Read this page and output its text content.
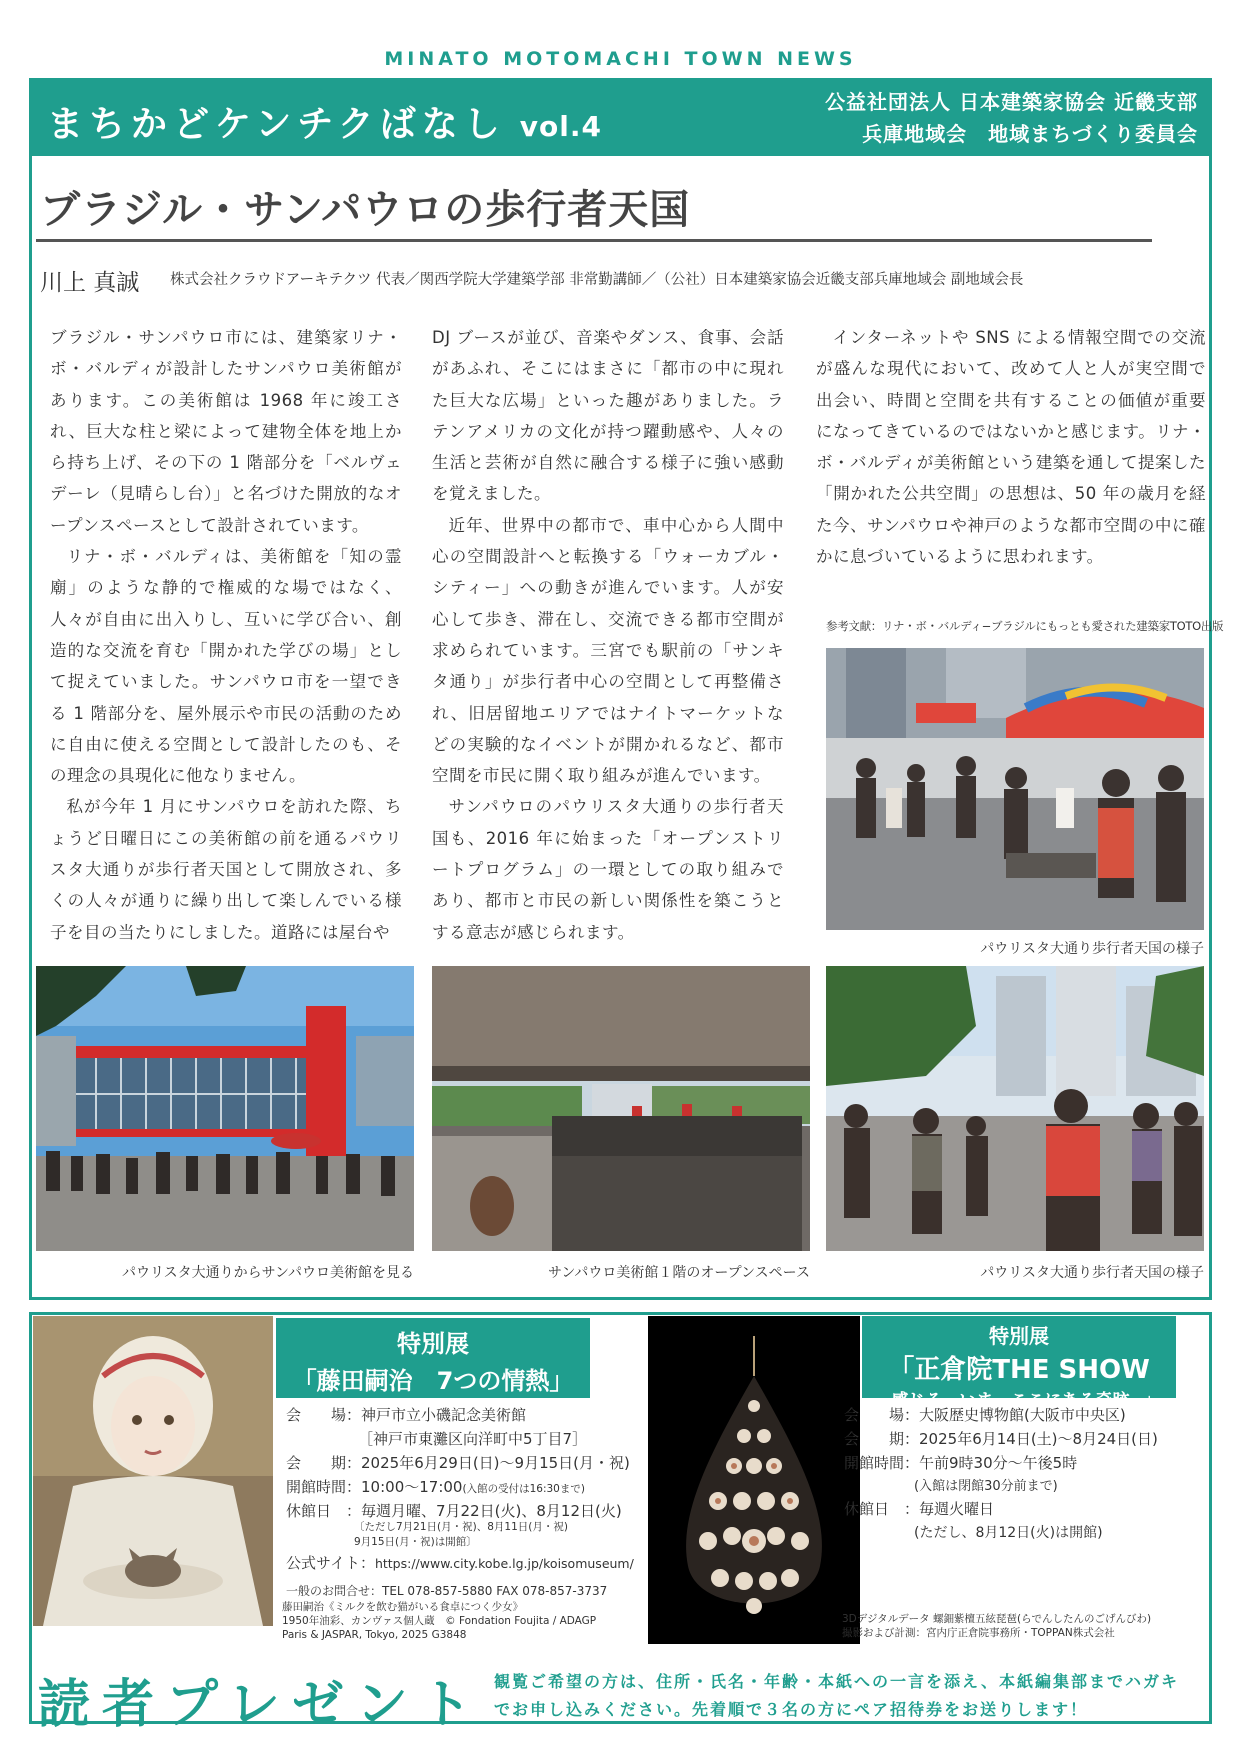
MINATO MOTOMACHI TOWN NEWS
まちかどケンチクばなし vol.4
公益社団法人 日本建築家協会 近畿支部
兵庫地域会　地域まちづくり委員会
ブラジル・サンパウロの歩行者天国
川上 真誠 株式会社クラウドアーキテクツ 代表／関西学院大学建築学部 非常勤講師／（公社）日本建築家協会近畿支部兵庫地域会 副地域会長

ブラジル・サンパウロ市には、建築家リナ・ボ・バルディが設計したサンパウロ美術館があります。この美術館は 1968 年に竣工され、巨大な柱と梁によって建物全体を地上から持ち上げ、その下の 1 階部分を「ベルヴェデーレ（見晴らし台）」と名づけた開放的なオープンスペースとして設計されています。

リナ・ボ・バルディは、美術館を「知の霊廟」のような静的で権威的な場ではなく、人々が自由に出入りし、互いに学び合い、創造的な交流を育む「開かれた学びの場」として捉えていました。サンパウロ市を一望できる 1 階部分を、屋外展示や市民の活動のために自由に使える空間として設計したのも、その理念の具現化に他なりません。

私が今年 1 月にサンパウロを訪れた際、ちょうど日曜日にこの美術館の前を通るパウリスタ大通りが歩行者天国として開放され、多くの人々が通りに繰り出して楽しんでいる様子を目の当たりにしました。道路には屋台や

DJ ブースが並び、音楽やダンス、食事、会話があふれ、そこにはまさに「都市の中に現れた巨大な広場」といった趣がありました。ラテンアメリカの文化が持つ躍動感や、人々の生活と芸術が自然に融合する様子に強い感動を覚えました。

近年、世界中の都市で、車中心から人間中心の空間設計へと転換する「ウォーカブル・シティー」への動きが進んでいます。人が安心して歩き、滞在し、交流できる都市空間が求められています。三宮でも駅前の「サンキタ通り」が歩行者中心の空間として再整備され、旧居留地エリアではナイトマーケットなどの実験的なイベントが開かれるなど、都市空間を市民に開く取り組みが進んでいます。

サンパウロのパウリスタ大通りの歩行者天国も、2016 年に始まった「オープンストリートプログラム」の一環としての取り組みであり、都市と市民の新しい関係性を築こうとする意志が感じられます。

インターネットや SNS による情報空間での交流が盛んな現代において、改めて人と人が実空間で出会い、時間と空間を共有することの価値が重要になってきているのではないかと感じます。リナ・ボ・バルディが美術館という建築を通して提案した「開かれた公共空間」の思想は、50 年の歳月を経た今、サンパウロや神戸のような都市空間の中に確かに息づいているように思われます。

参考文献：リナ・ボ・バルディ−ブラジルにもっとも愛された建築家TOTO出版
パウリスタ大通り歩行者天国の様子
パウリスタ大通りからサンパウロ美術館を見る	サンパウロ美術館１階のオープンスペース	パウリスタ大通り歩行者天国の様子
特別展
「藤田嗣治　7つの情熱」
会　　場：神戸市立小磯記念美術館
［神戸市東灘区向洋町中5丁目7］
会　　期：2025年6月29日(日)～9月15日(月・祝)
開館時間：10:00～17:00(入館の受付は16:30まで)
休館日　：毎週月曜、7月22日(火)、8月12日(火)
〔ただし7月21日(月・祝)、8月11日(月・祝)
9月15日(月・祝)は開館〕
公式サイト：https://www.city.kobe.lg.jp/koisomuseum/
一般のお問合せ：TEL 078-857-5880 FAX 078-857-3737
藤田嗣治《ミルクを飲む猫がいる食卓につく少女》
1950年油彩、カンヴァス個人蔵　© Fondation Foujita / ADAGP
Paris & JASPAR, Tokyo, 2025 G3848
特別展
「正倉院THE SHOW
−感じる。いま、ここにある奇跡−」
会　　場：大阪歴史博物館(大阪市中央区)
会　　期：2025年6月14日(土)～8月24日(日)
開館時間：午前9時30分～午後5時
(入館は閉館30分前まで)
休館日　：毎週火曜日
(ただし、8月12日(火)は開館)
3Dデジタルデータ 螺鈿紫檀五絃琵琶(らでんしたんのごげんびわ)
撮影および計測：宮内庁正倉院事務所・TOPPAN株式会社
読者プレゼント 観覧ご希望の方は、住所・氏名・年齢・本紙への一言を添え、本紙編集部までハガキ
でお申し込みください。先着順で３名の方にペア招待券をお送りします！
